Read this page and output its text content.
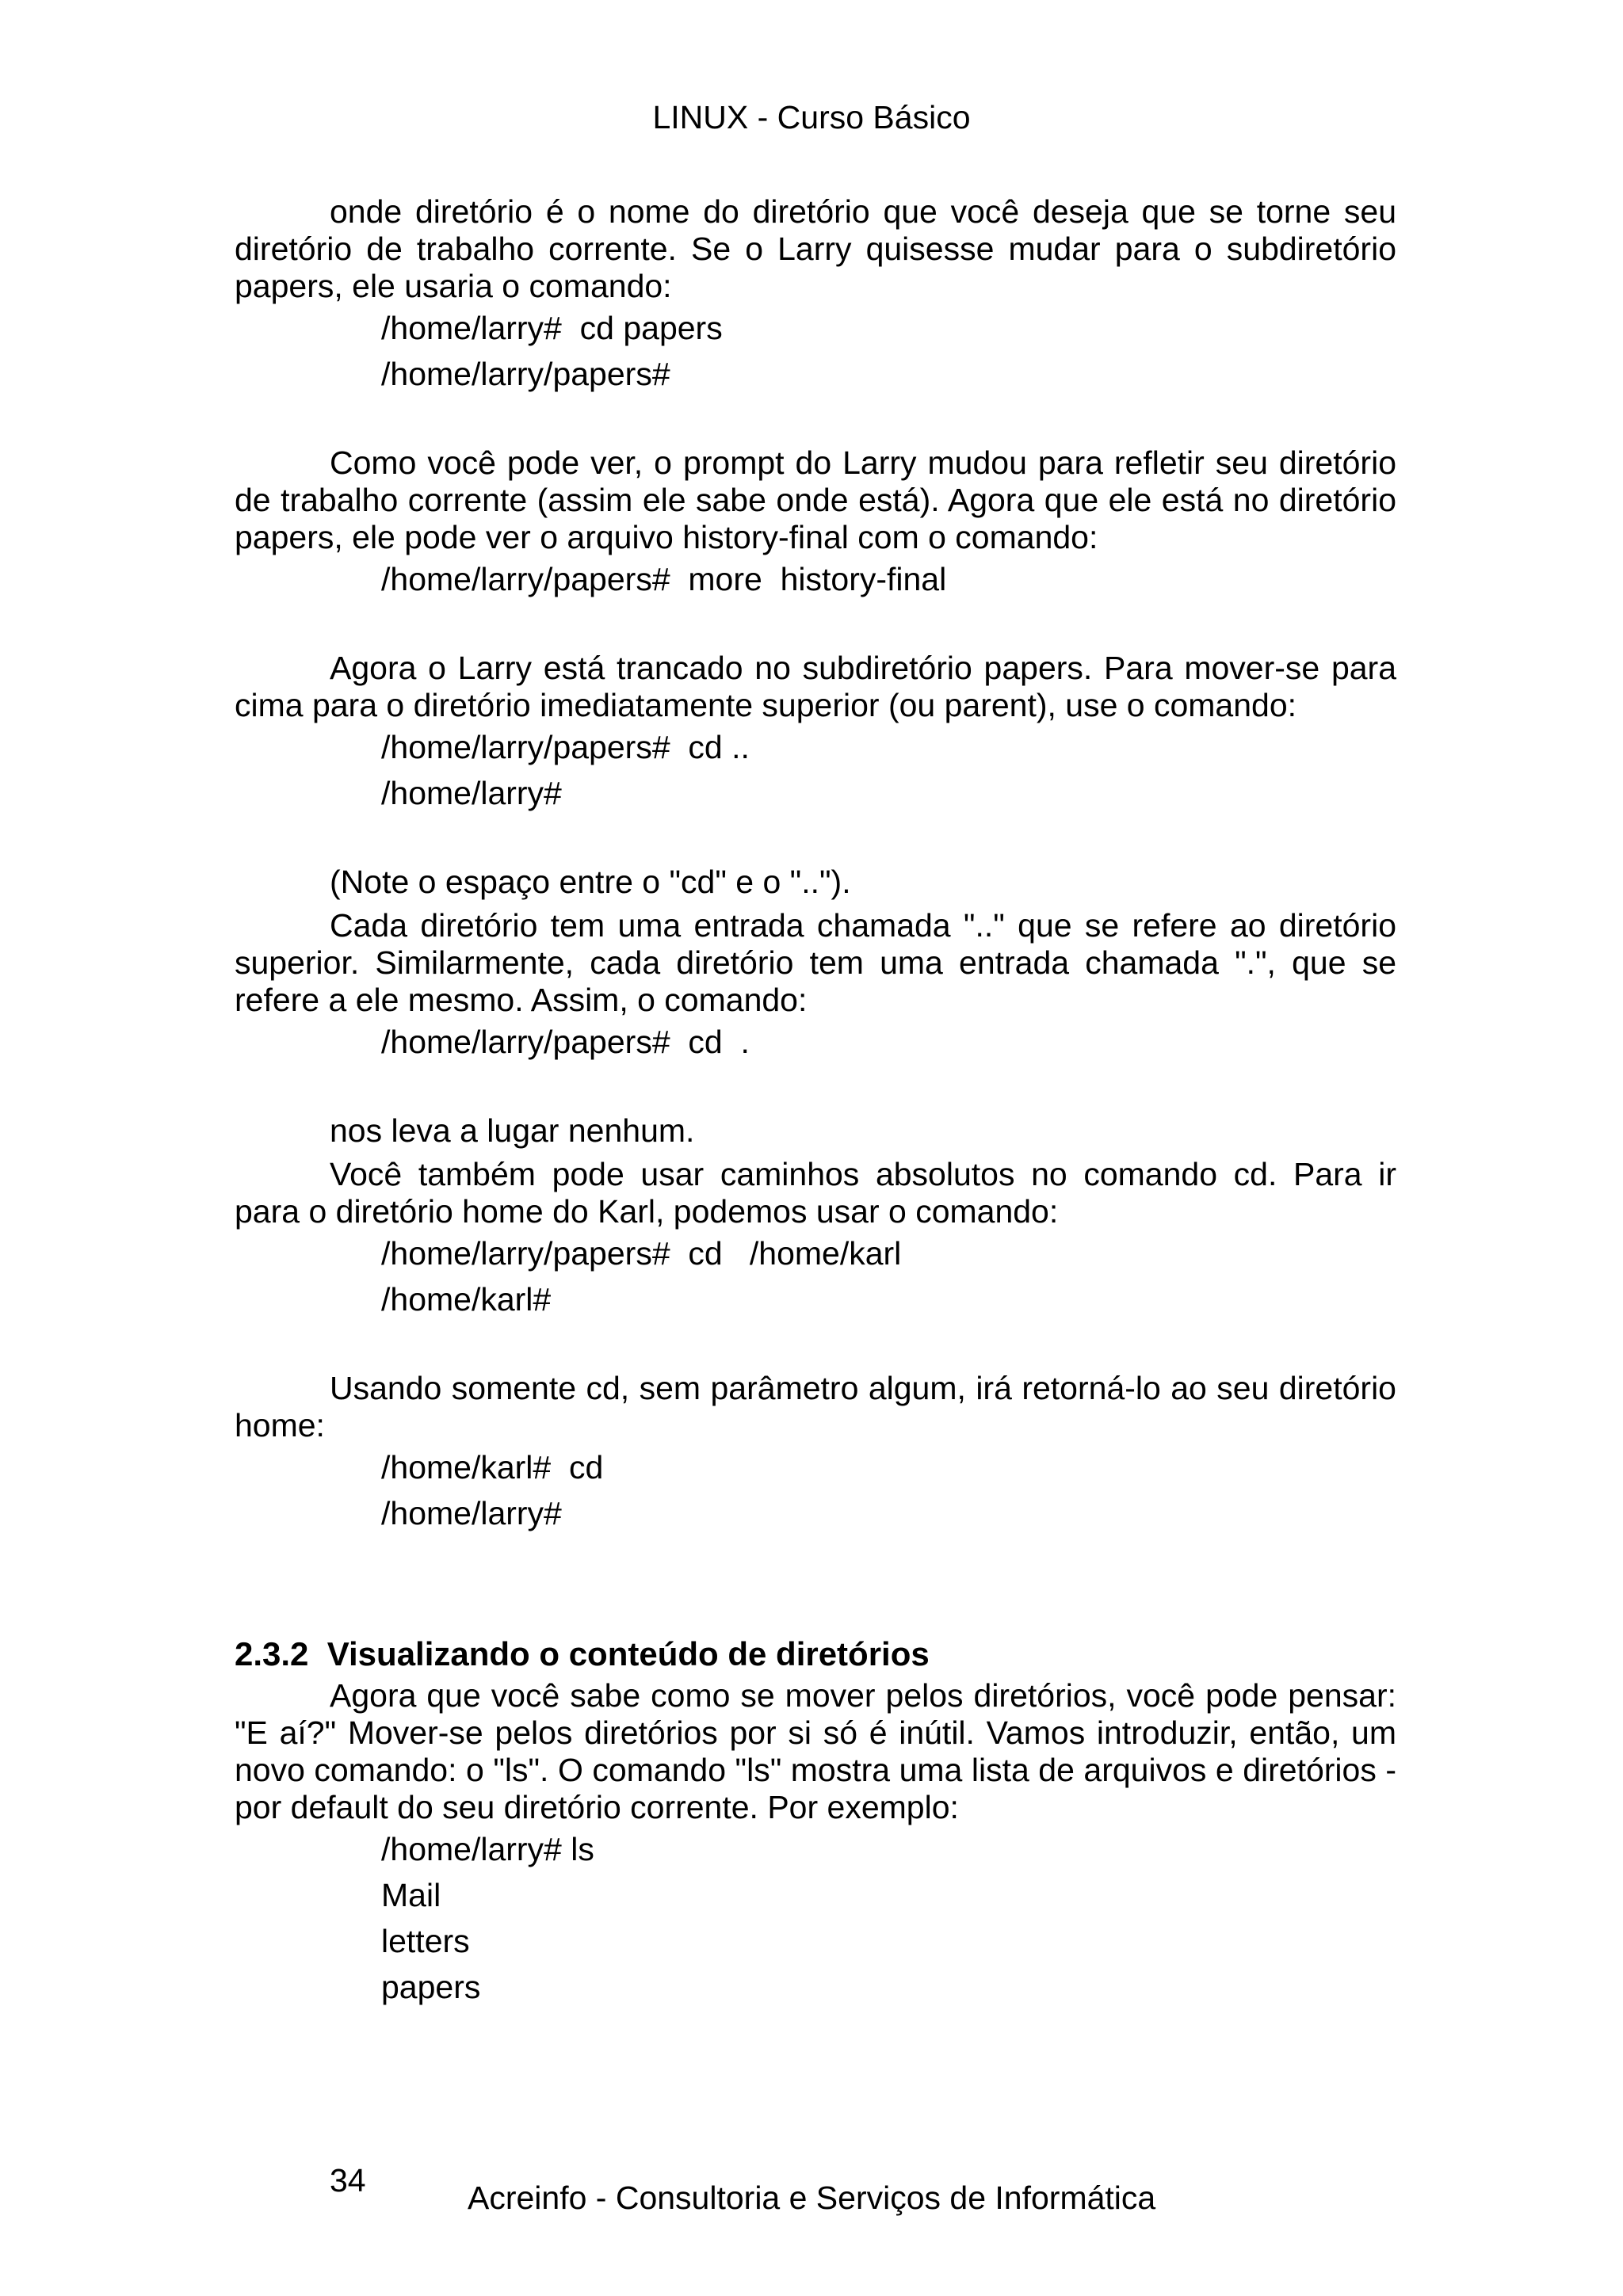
LINUX - Curso Básico

onde diretório é o nome do diretório que você deseja que se torne seu diretório de trabalho corrente. Se o Larry quisesse mudar para o subdiretório papers, ele usaria o comando:

/home/larry#  cd papers

/home/larry/papers#

Como você pode ver, o prompt do Larry mudou para refletir seu diretório de trabalho corrente (assim ele sabe onde está). Agora que ele está no diretório papers, ele pode ver o arquivo history-final com o comando:

/home/larry/papers#  more  history-final

Agora o Larry está trancado no subdiretório papers. Para mover-se para cima para o diretório imediatamente superior (ou parent), use o comando:

/home/larry/papers#  cd ..

/home/larry#

(Note o espaço entre o "cd" e o "..").

Cada diretório tem uma entrada chamada ".." que se refere ao diretório superior. Similarmente, cada diretório tem uma entrada chamada ".", que se refere a ele mesmo. Assim, o comando:

/home/larry/papers#  cd  .

nos leva a lugar nenhum.

Você também pode usar caminhos absolutos no comando cd. Para ir para o diretório home do Karl, podemos usar o comando:

/home/larry/papers#  cd   /home/karl

/home/karl#

Usando somente cd, sem parâmetro algum, irá retorná-lo ao seu diretório home:

/home/karl#  cd

/home/larry#

2.3.2  Visualizando o conteúdo de diretórios

Agora que você sabe como se mover pelos diretórios, você pode pensar: "E aí?" Mover-se pelos diretórios por si só é inútil. Vamos introduzir, então, um novo comando: o "ls". O comando "ls" mostra uma lista de arquivos e diretórios - por default do seu diretório corrente. Por exemplo:

/home/larry# ls

Mail

letters

papers

34	Acreinfo - Consultoria e Serviços de Informática
